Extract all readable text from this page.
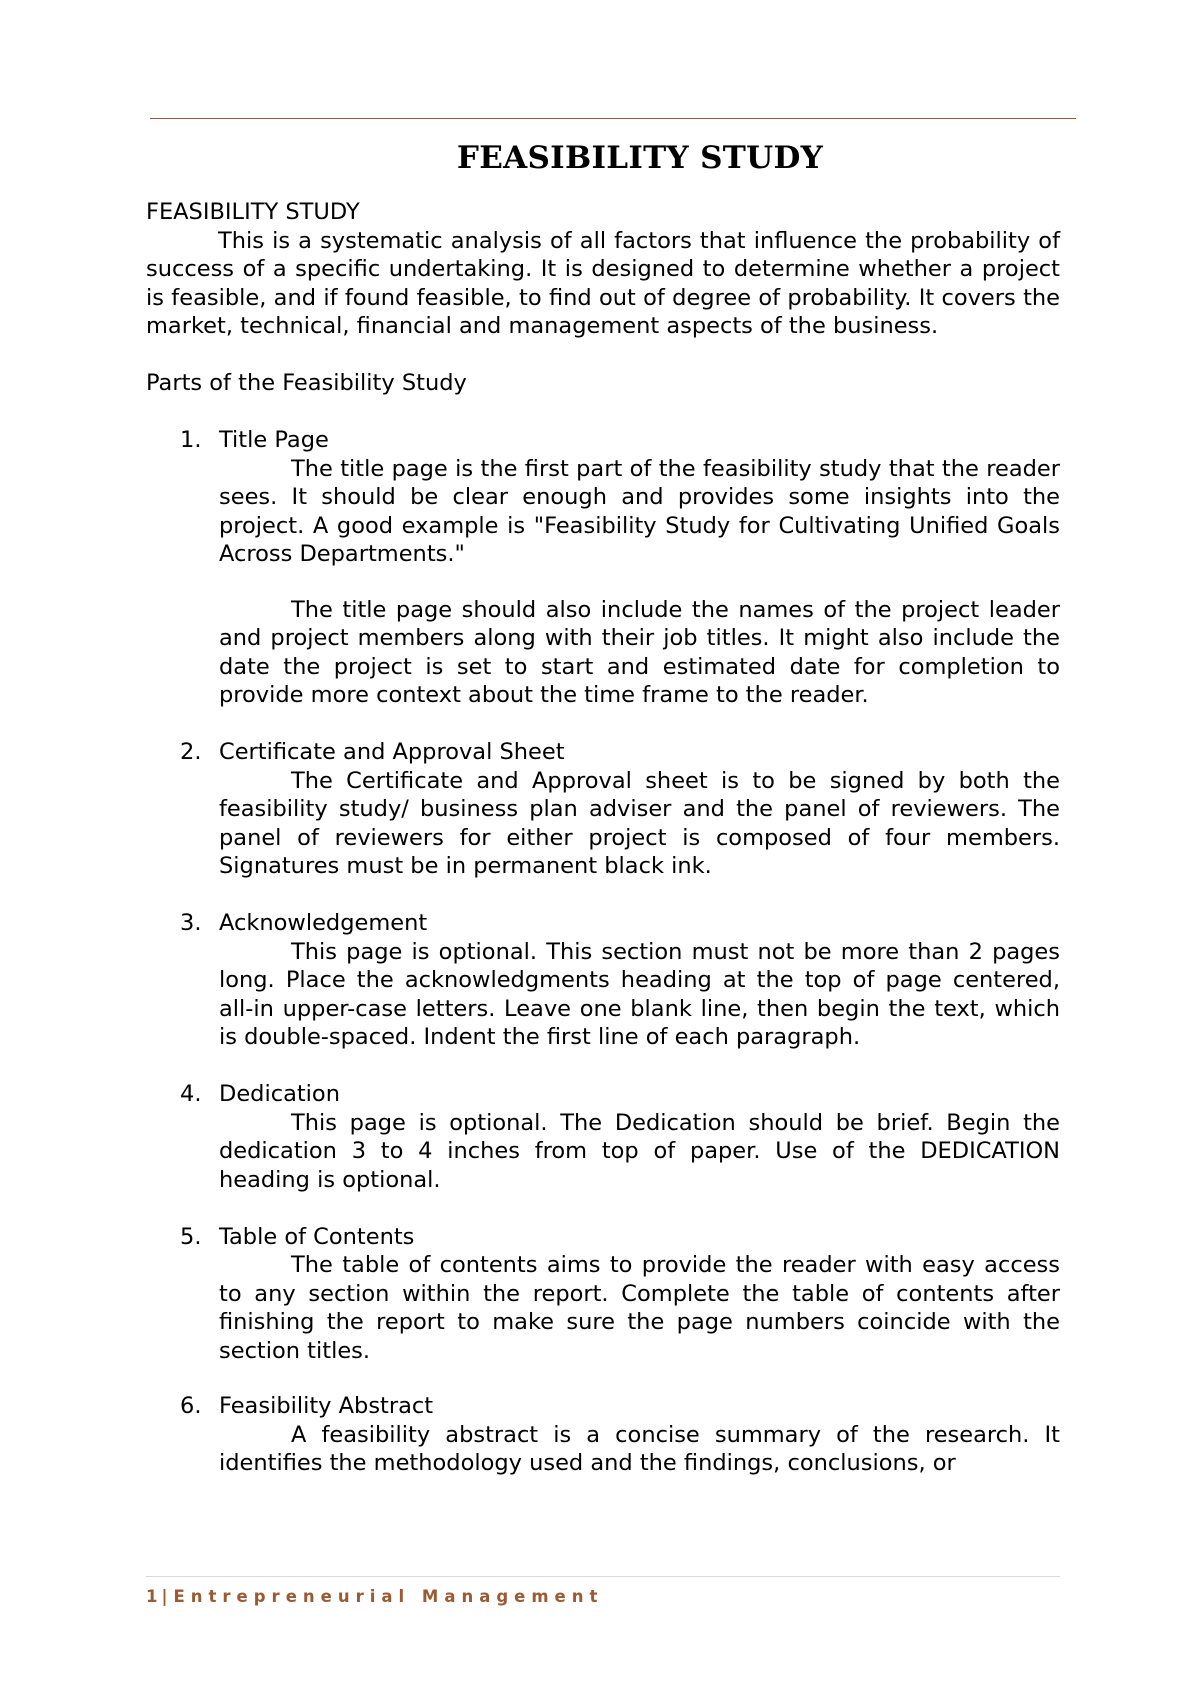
FEASIBILITY STUDY

FEASIBILITY STUDY

This is a systematic analysis of all factors that influence the probability of success of a specific undertaking. It is designed to determine whether a project is feasible, and if found feasible, to find out of degree of probability. It covers the market, technical, financial and management aspects of the business.

Parts of the Feasibility Study

1. Title Page

The title page is the first part of the feasibility study that the reader sees. It should be clear enough and provides some insights into the project. A good example is "Feasibility Study for Cultivating Unified Goals Across Departments."

The title page should also include the names of the project leader and project members along with their job titles. It might also include the date the project is set to start and estimated date for completion to provide more context about the time frame to the reader.

2. Certificate and Approval Sheet

The Certificate and Approval sheet is to be signed by both the feasibility study/ business plan adviser and the panel of reviewers. The panel of reviewers for either project is composed of four members. Signatures must be in permanent black ink.

3. Acknowledgement

This page is optional. This section must not be more than 2 pages long. Place the acknowledgments heading at the top of page centered, all-in upper-case letters. Leave one blank line, then begin the text, which is double-spaced. Indent the first line of each paragraph.

4. Dedication

This page is optional. The Dedication should be brief. Begin the dedication 3 to 4 inches from top of paper. Use of the DEDICATION heading is optional.

5. Table of Contents

The table of contents aims to provide the reader with easy access to any section within the report. Complete the table of contents after finishing the report to make sure the page numbers coincide with the section titles.

6. Feasibility Abstract

A feasibility abstract is a concise summary of the research. It identifies the methodology used and the findings, conclusions, or

1 | Entrepreneurial Management
